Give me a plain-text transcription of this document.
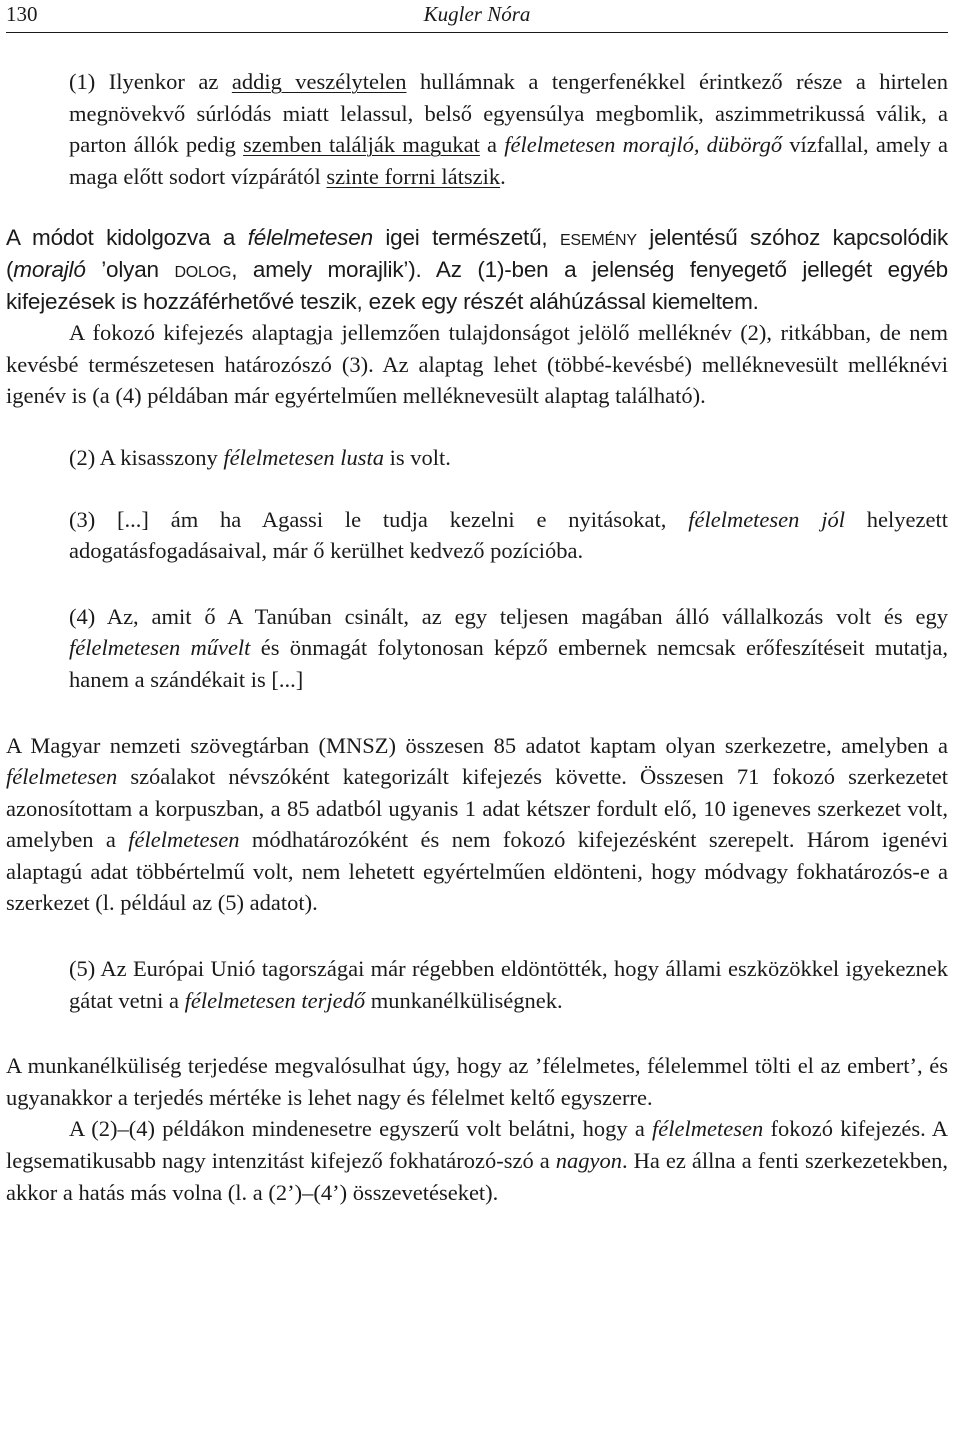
130	Kugler Nóra

(1) Ilyenkor az addig veszélytelen hullámnak a tengerfenékkel érintkező része a hirtelen megnövekvő súrlódás miatt lelassul, belső egyensúlya megbomlik, aszimmetrikussá válik, a parton állók pedig szemben találják magukat a félelmetesen morajló, dübörgő vízfallal, amely a maga előtt sodort vízpárától szinte forrni látszik.

A módot kidolgozva a félelmetesen igei természetű, esemény jelentésű szóhoz kapcsolódik (morajló ’olyan dolog, amely morajlik’). Az (1)-ben a jelenség fenyegető jellegét egyéb kifejezések is hozzáférhetővé teszik, ezek egy részét aláhúzással kiemeltem.

A fokozó kifejezés alaptagja jellemzően tulajdonságot jelölő melléknév (2), ritkábban, de nem kevésbé természetesen határozószó (3). Az alaptag lehet (többé-kevésbé) melléknevesült melléknévi igenév is (a (4) példában már egyértelműen melléknevesült alaptag található).

(2) A kisasszony félelmetesen lusta is volt.

(3) [...] ám ha Agassi le tudja kezelni e nyitásokat, félelmetesen jól helyezett adogatásfogadásaival, már ő kerülhet kedvező pozícióba.

(4) Az, amit ő A Tanúban csinált, az egy teljesen magában álló vállalkozás volt és egy félelmetesen művelt és önmagát folytonosan képző embernek nemcsak erőfeszítéseit mutatja, hanem a szándékait is [...]

A Magyar nemzeti szövegtárban (MNSZ) összesen 85 adatot kaptam olyan szerkezetre, amelyben a félelmetesen szóalakot névszóként kategorizált kifejezés követte. Összesen 71 fokozó szerkezetet azonosítottam a korpuszban, a 85 adatból ugyanis 1 adat kétszer fordult elő, 10 igeneves szerkezet volt, amelyben a félelmetesen módhatározóként és nem fokozó kifejezésként szerepelt. Három igenévi alaptagú adat többértelmű volt, nem lehetett egyértelműen eldönteni, hogy módvagy fokhatározós-e a szerkezet (l. például az (5) adatot).

(5) Az Európai Unió tagországai már régebben eldöntötték, hogy állami eszközökkel igyekeznek gátat vetni a félelmetesen terjedő munkanélküliségnek.

A munkanélküliség terjedése megvalósulhat úgy, hogy az ’félelmetes, félelemmel tölti el az embert’, és ugyanakkor a terjedés mértéke is lehet nagy és félelmet keltő egyszerre.

A (2)–(4) példákon mindenesetre egyszerű volt belátni, hogy a félelmetesen fokozó kifejezés. A legsematikusabb nagy intenzitást kifejező fokhatározó-szó a nagyon. Ha ez állna a fenti szerkezetekben, akkor a hatás más volna (l. a (2’)–(4’) összevetéseket).
